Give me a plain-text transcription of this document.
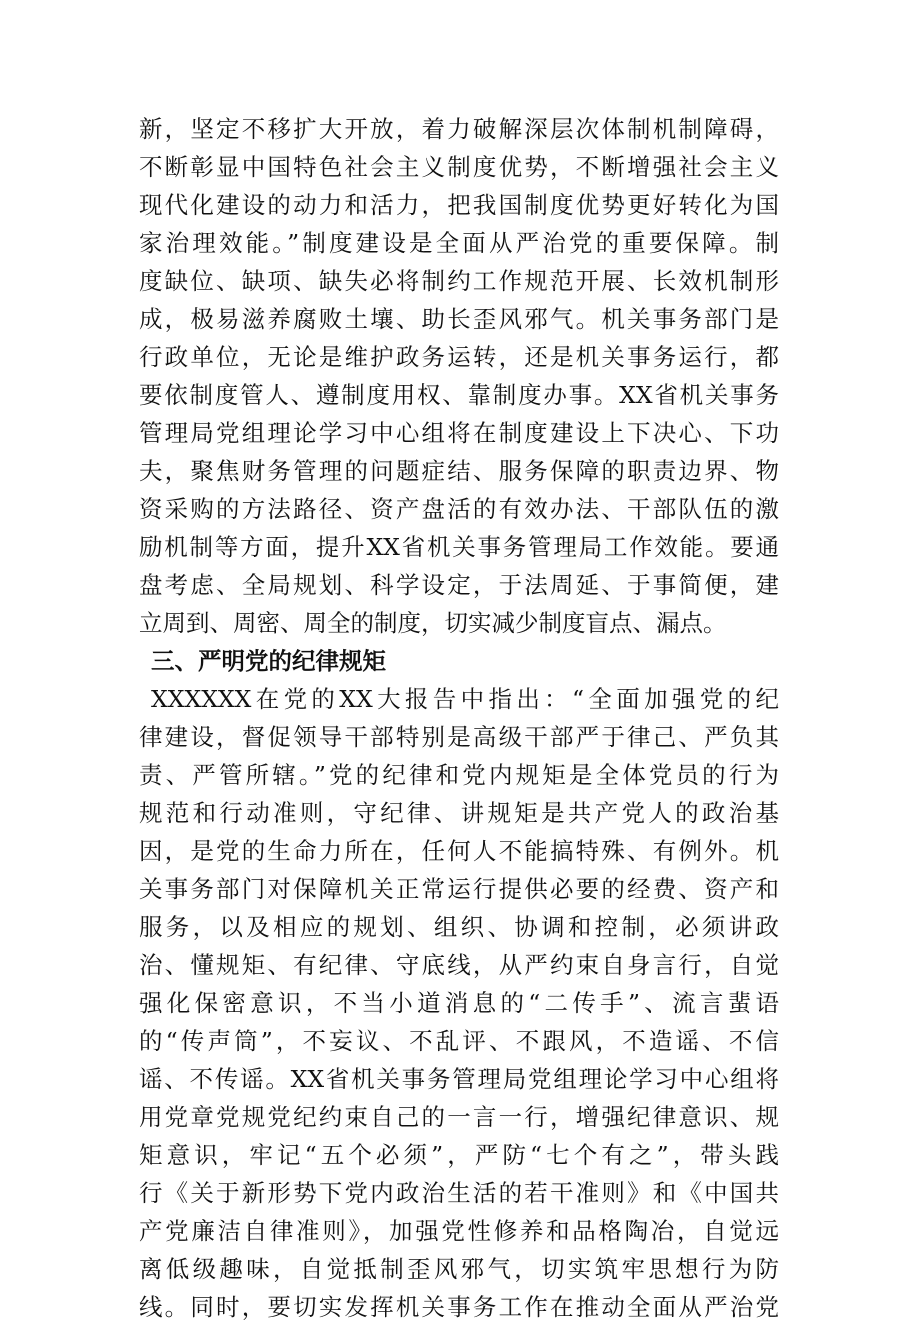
新，坚定不移扩大开放，着力破解深层次体制机制障碍，
不断彰显中国特色社会主义制度优势，不断增强社会主义
现代化建设的动力和活力，把我国制度优势更好转化为国
家治理效能。”制度建设是全面从严治党的重要保障。制
度缺位、缺项、缺失必将制约工作规范开展、长效机制形
成，极易滋养腐败土壤、助长歪风邪气。机关事务部门是
行政单位，无论是维护政务运转，还是机关事务运行，都
要依制度管人、遵制度用权、靠制度办事。XX省机关事务
管理局党组理论学习中心组将在制度建设上下决心、下功
夫，聚焦财务管理的问题症结、服务保障的职责边界、物
资采购的方法路径、资产盘活的有效办法、干部队伍的激
励机制等方面，提升XX省机关事务管理局工作效能。要通
盘考虑、全局规划、科学设定，于法周延、于事简便，建
立周到、周密、周全的制度，切实减少制度盲点、漏点。
三、严明党的纪律规矩
XXXXXX在党的XX大报告中指出：“全面加强党的纪
律建设，督促领导干部特别是高级干部严于律己、严负其
责、严管所辖。”党的纪律和党内规矩是全体党员的行为
规范和行动准则，守纪律、讲规矩是共产党人的政治基
因，是党的生命力所在，任何人不能搞特殊、有例外。机
关事务部门对保障机关正常运行提供必要的经费、资产和
服务，以及相应的规划、组织、协调和控制，必须讲政
治、懂规矩、有纪律、守底线，从严约束自身言行，自觉
强化保密意识，不当小道消息的“二传手”、流言蜚语
的“传声筒”，不妄议、不乱评、不跟风，不造谣、不信
谣、不传谣。XX省机关事务管理局党组理论学习中心组将
用党章党规党纪约束自己的一言一行，增强纪律意识、规
矩意识，牢记“五个必须”，严防“七个有之”，带头践
行《关于新形势下党内政治生活的若干准则》和《中国共
产党廉洁自律准则》，加强党性修养和品格陶冶，自觉远
离低级趣味，自觉抵制歪风邪气，切实筑牢思想行为防
线。同时，要切实发挥机关事务工作在推动全面从严治党
